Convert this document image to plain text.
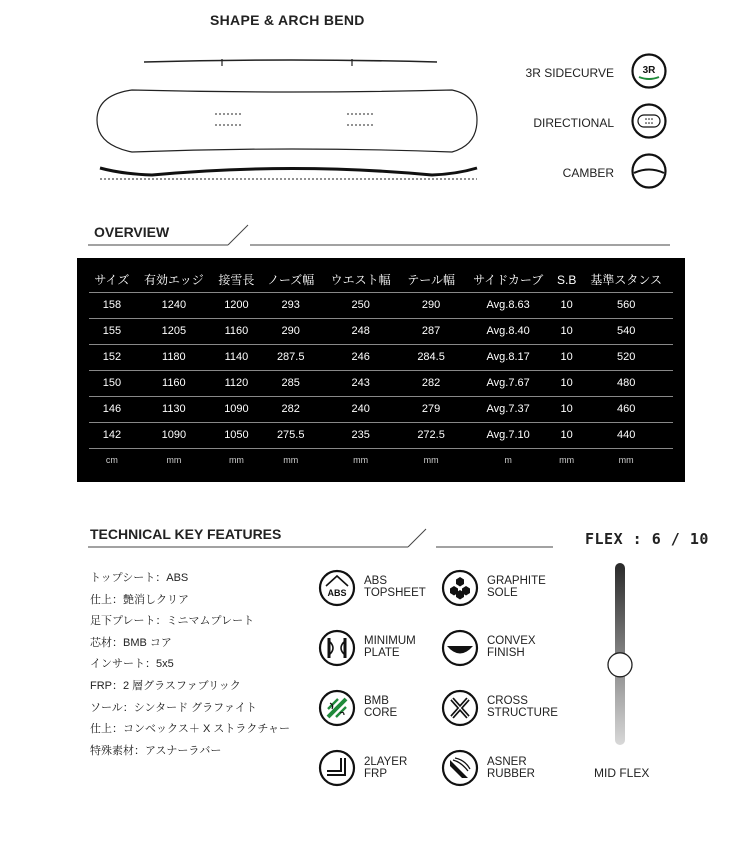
SHAPE & ARCH BEND
3R SIDECURVE	3R
DIRECTIONAL
CAMBER
OVERVIEW
サイズ	有効エッジ	接雪長	ノーズ幅	ウエスト幅	テール幅	サイドカーブ	S.B	基準スタンス
158	1240	1200	293	250	290	Avg.8.63	10	560
155	1205	1160	290	248	287	Avg.8.40	10	540
152	1180	1140	287.5	246	284.5	Avg.8.17	10	520
150	1160	1120	285	243	282	Avg.7.67	10	480
146	1130	1090	282	240	279	Avg.7.37	10	460
142	1090	1050	275.5	235	272.5	Avg.7.10	10	440
cm	mm	mm	mm	mm	mm	m	mm	mm
TECHNICAL KEY FEATURES
トップシート：ABS
仕上：艶消しクリア
足下プレート：ミニマムプレート
芯材：BMB コア
インサート：5x5
FRP：2 層グラスファブリック
ソール：シンタード グラファイト
仕上：コンベックス＋ X ストラクチャー
特殊素材：アスナーラバー
ABS
ABS
TOPSHEET
MINIMUM
PLATE
BMB
CORE
2LAYER
FRP
GRAPHITE
SOLE
CONVEX
FINISH
CROSS
STRUCTURE
ASNER
RUBBER
FLEX : 6 / 10
MID FLEX
